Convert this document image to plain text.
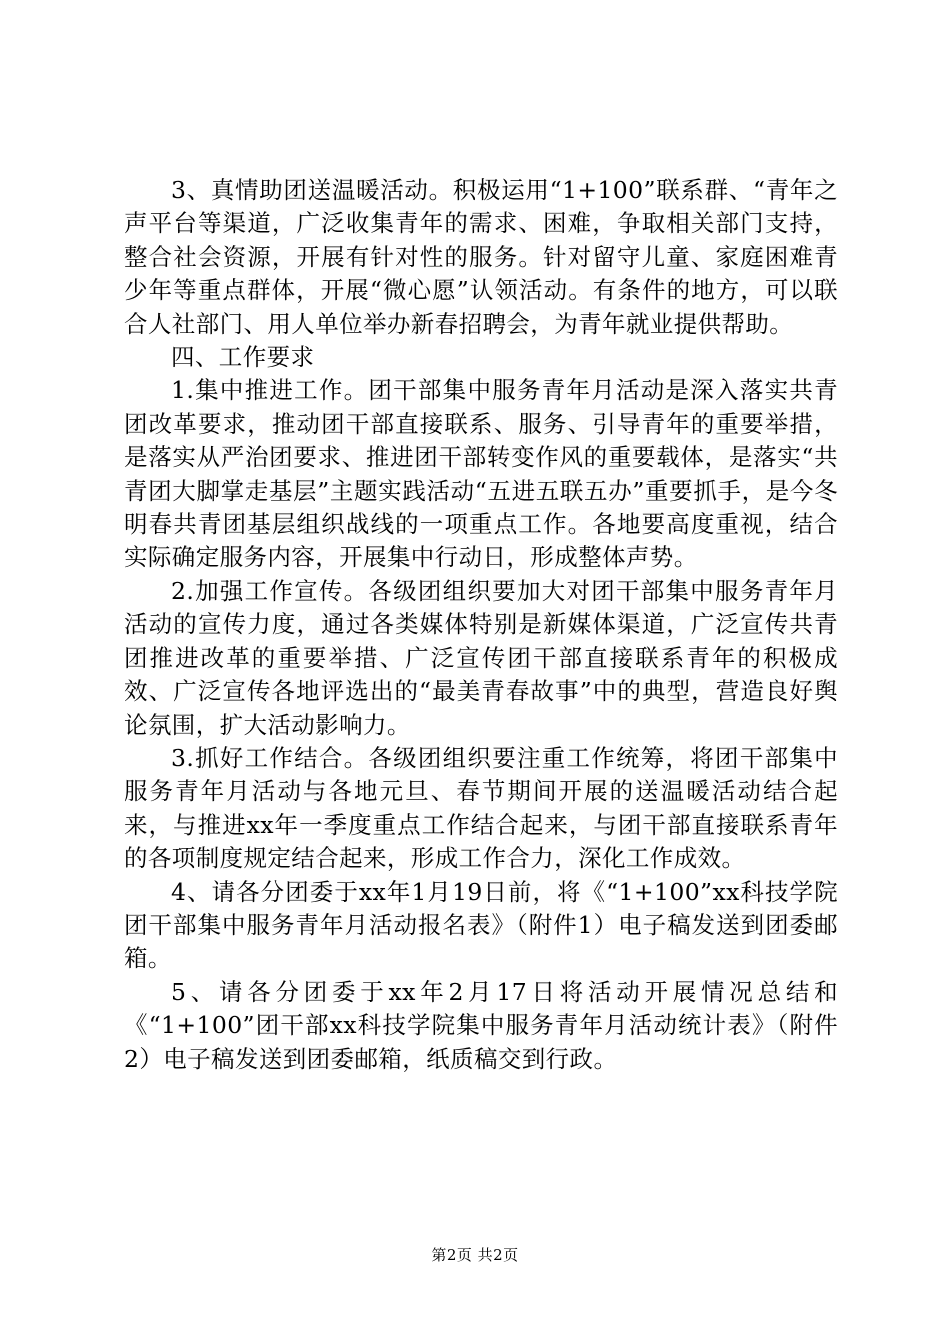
3、真情助团送温暖活动。积极运用“1+100”联系群、“青年之声平台等渠道，广泛收集青年的需求、困难，争取相关部门支持，整合社会资源，开展有针对性的服务。针对留守儿童、家庭困难青少年等重点群体，开展“微心愿”认领活动。有条件的地方，可以联合人社部门、用人单位举办新春招聘会，为青年就业提供帮助。

四、工作要求

1.集中推进工作。团干部集中服务青年月活动是深入落实共青团改革要求，推动团干部直接联系、服务、引导青年的重要举措，是落实从严治团要求、推进团干部转变作风的重要载体，是落实“共青团大脚掌走基层”主题实践活动“五进五联五办”重要抓手，是今冬明春共青团基层组织战线的一项重点工作。各地要高度重视，结合实际确定服务内容，开展集中行动日，形成整体声势。

2.加强工作宣传。各级团组织要加大对团干部集中服务青年月活动的宣传力度，通过各类媒体特别是新媒体渠道，广泛宣传共青团推进改革的重要举措、广泛宣传团干部直接联系青年的积极成效、广泛宣传各地评选出的“最美青春故事”中的典型，营造良好舆论氛围，扩大活动影响力。

3.抓好工作结合。各级团组织要注重工作统筹，将团干部集中服务青年月活动与各地元旦、春节期间开展的送温暖活动结合起来，与推进xx年一季度重点工作结合起来，与团干部直接联系青年的各项制度规定结合起来，形成工作合力，深化工作成效。

4、请各分团委于xx年1月19日前，将《“1+100”xx科技学院团干部集中服务青年月活动报名表》（附件1）电子稿发送到团委邮箱。

5、请各分团委于xx年2月17日将活动开展情况总结和《“1+100”团干部xx科技学院集中服务青年月活动统计表》（附件2）电子稿发送到团委邮箱，纸质稿交到行政。

第2页 共2页
